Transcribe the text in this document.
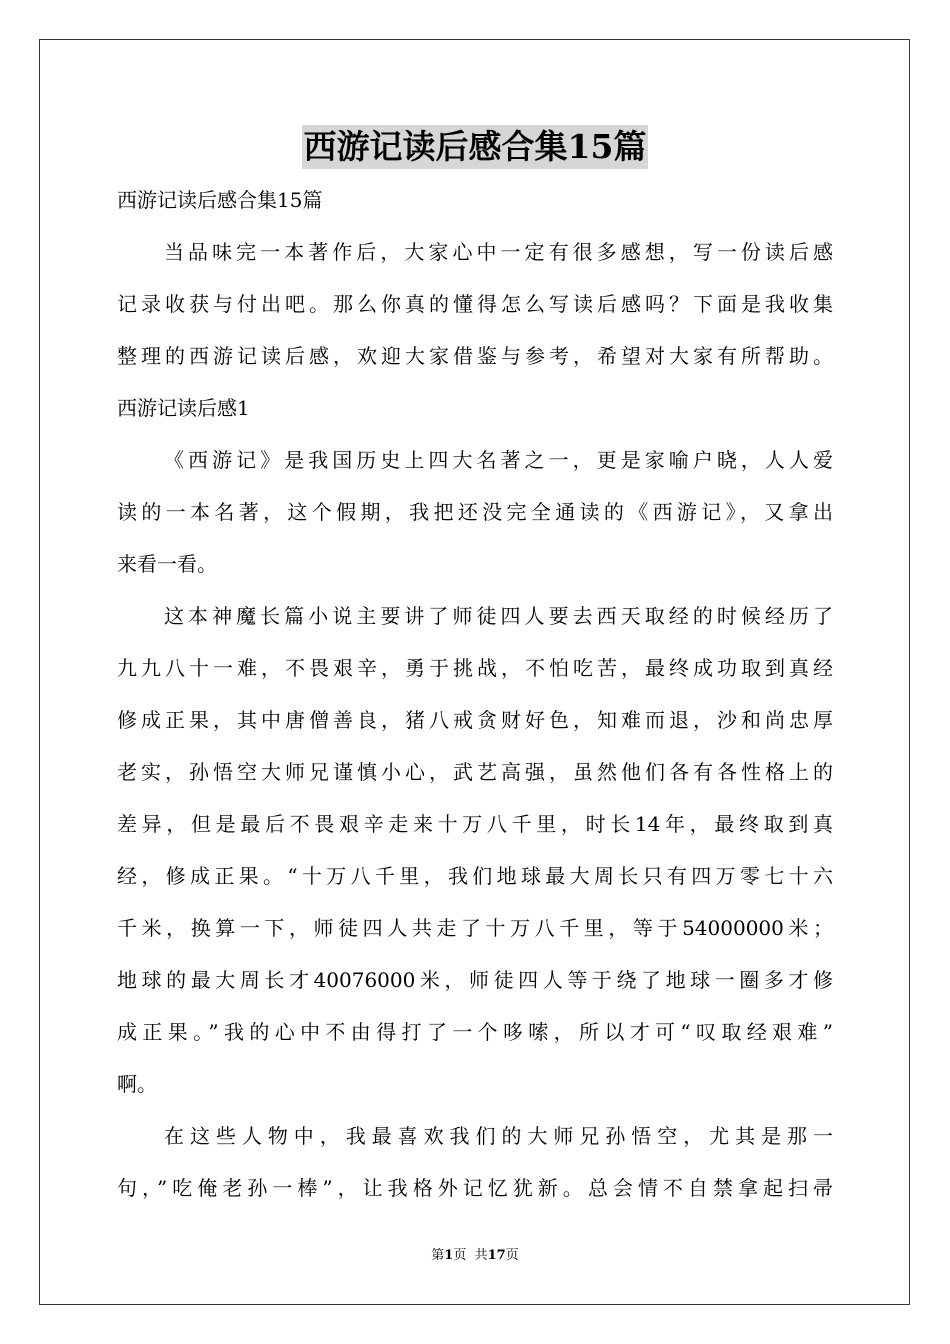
西游记读后感合集15篇
西游记读后感合集15篇
当品味完一本著作后，大家心中一定有很多感想，写一份读后感
记录收获与付出吧。那么你真的懂得怎么写读后感吗？下面是我收集
整理的西游记读后感，欢迎大家借鉴与参考，希望对大家有所帮助。
西游记读后感1
《西游记》是我国历史上四大名著之一，更是家喻户晓，人人爱
读的一本名著，这个假期，我把还没完全通读的《西游记》，又拿出
来看一看。
这本神魔长篇小说主要讲了师徒四人要去西天取经的时候经历了
九九八十一难，不畏艰辛，勇于挑战，不怕吃苦，最终成功取到真经
修成正果，其中唐僧善良，猪八戒贪财好色，知难而退，沙和尚忠厚
老实，孙悟空大师兄谨慎小心，武艺高强，虽然他们各有各性格上的
差异，但是最后不畏艰辛走来十万八千里，时长14年，最终取到真
经，修成正果。“十万八千里，我们地球最大周长只有四万零七十六
千米，换算一下，师徒四人共走了十万八千里，等于54000000米；
地球的最大周长才40076000米，师徒四人等于绕了地球一圈多才修
成正果。”我的心中不由得打了一个哆嗦，所以才可“叹取经艰难”
啊。
在这些人物中，我最喜欢我们的大师兄孙悟空，尤其是那一
句，”吃俺老孙一棒”，让我格外记忆犹新。总会情不自禁拿起扫帚
第1页  共17页
